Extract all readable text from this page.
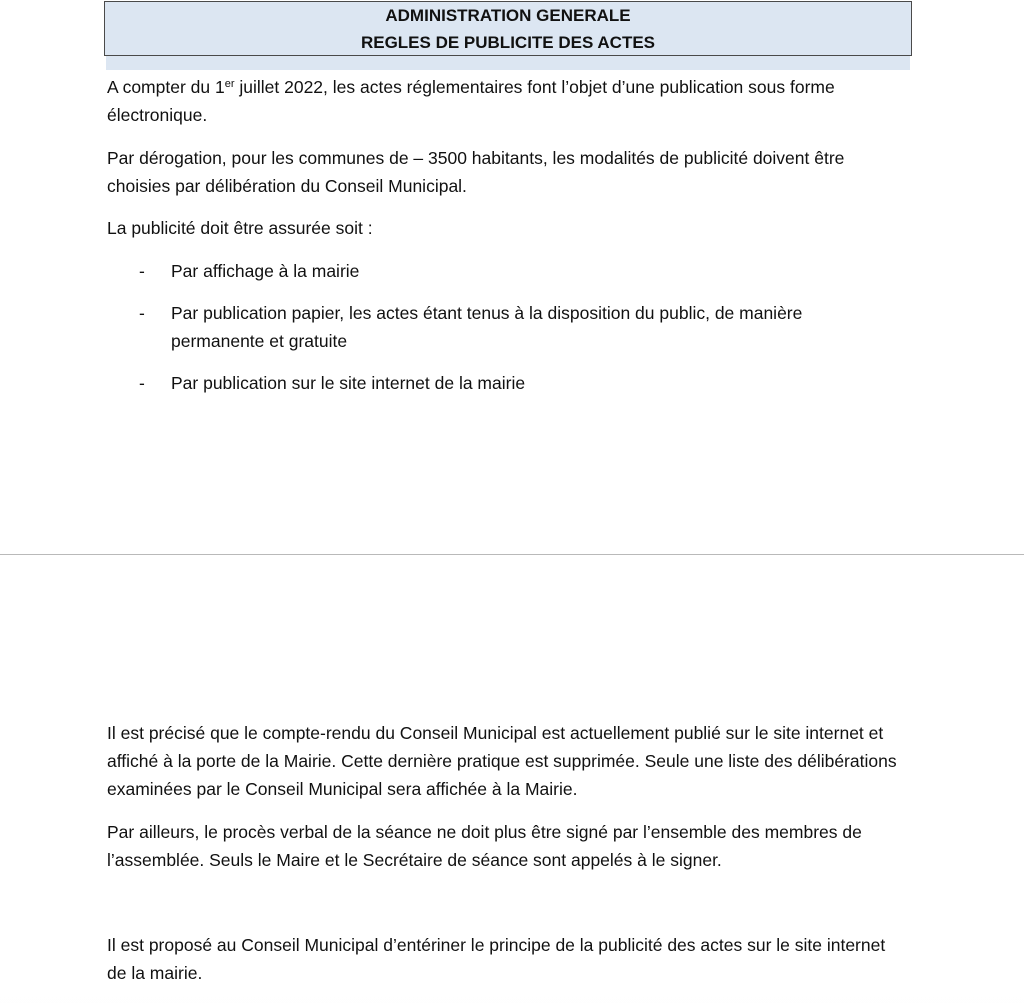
ADMINISTRATION GENERALE
REGLES DE PUBLICITE DES ACTES

A compter du 1er juillet 2022, les actes réglementaires font l’objet d’une publication sous forme électronique.

Par dérogation, pour les communes de – 3500 habitants, les modalités de publicité doivent être choisies par délibération du Conseil Municipal.

La publicité doit être assurée soit :

- Par affichage à la mairie
- Par publication papier, les actes étant tenus à la disposition du public, de manière permanente et gratuite
- Par publication sur le site internet de la mairie

Il est précisé que le compte-rendu du Conseil Municipal est actuellement publié sur le site internet et affiché à la porte de la Mairie. Cette dernière pratique est supprimée. Seule une liste des délibérations examinées par le Conseil Municipal sera affichée à la Mairie.

Par ailleurs, le procès verbal de la séance ne doit plus être signé par l’ensemble des membres de l’assemblée. Seuls le Maire et le Secrétaire de séance sont appelés à le signer.

Il est proposé au Conseil Municipal d’entériner le principe de la publicité des actes sur le site internet de la mairie.
